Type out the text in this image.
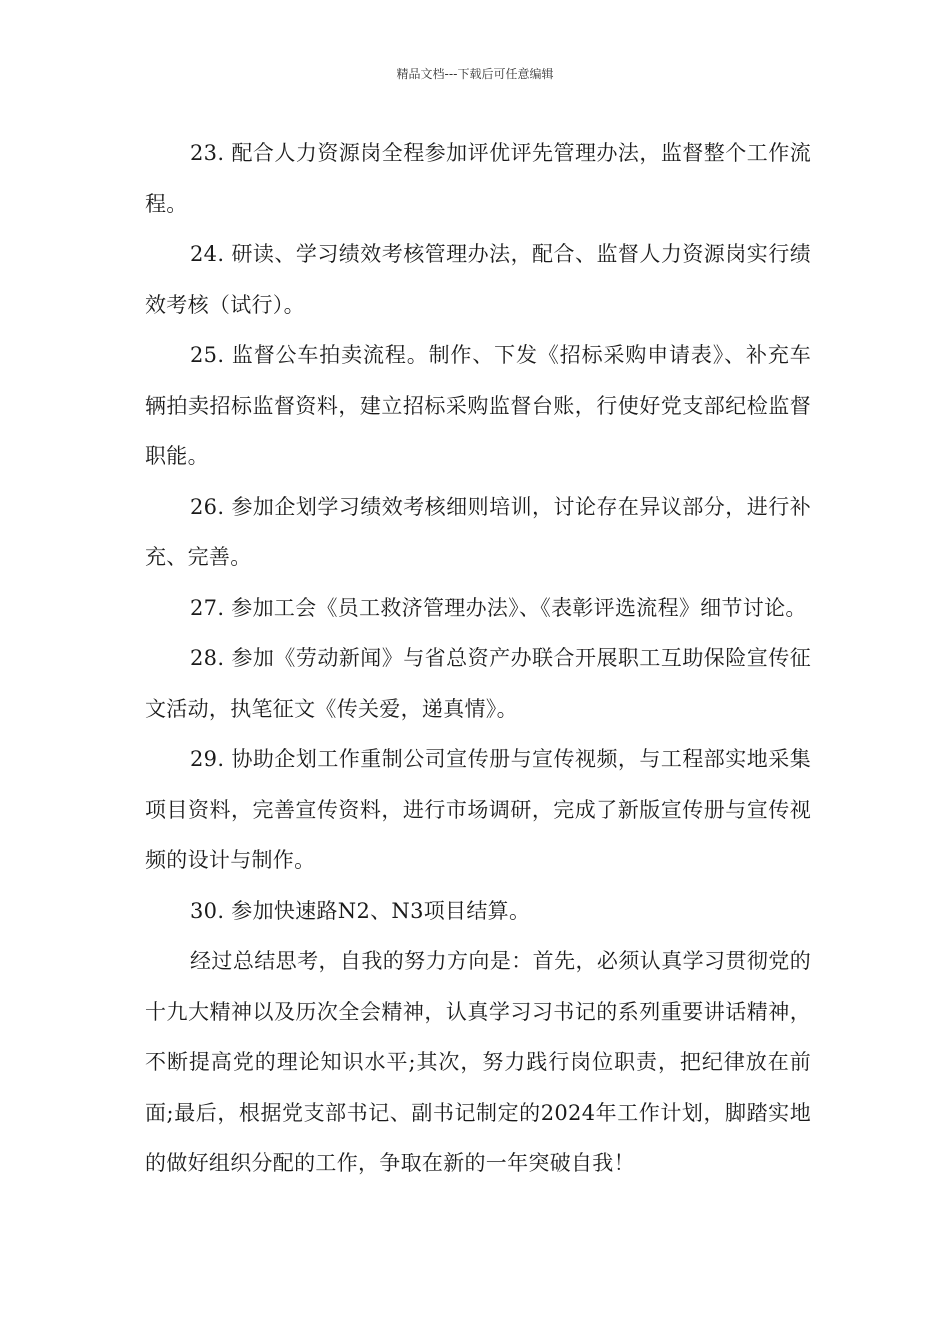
精品文档---下载后可任意编辑

23. 配合人力资源岗全程参加评优评先管理办法，监督整个工作流程。

24. 研读、学习绩效考核管理办法，配合、监督人力资源岗实行绩效考核（试行）。

25. 监督公车拍卖流程。制作、下发《招标采购申请表》、补充车辆拍卖招标监督资料，建立招标采购监督台账，行使好党支部纪检监督职能。

26. 参加企划学习绩效考核细则培训，讨论存在异议部分，进行补充、完善。

27. 参加工会《员工救济管理办法》、《表彰评选流程》细节讨论。

28. 参加《劳动新闻》与省总资产办联合开展职工互助保险宣传征文活动，执笔征文《传关爱，递真情》。

29. 协助企划工作重制公司宣传册与宣传视频，与工程部实地采集项目资料，完善宣传资料，进行市场调研，完成了新版宣传册与宣传视频的设计与制作。

30. 参加快速路N2、N3项目结算。

经过总结思考，自我的努力方向是：首先，必须认真学习贯彻党的十九大精神以及历次全会精神，认真学习习书记的系列重要讲话精神，不断提高党的理论知识水平;其次，努力践行岗位职责，把纪律放在前面;最后，根据党支部书记、副书记制定的2024年工作计划，脚踏实地的做好组织分配的工作，争取在新的一年突破自我！
